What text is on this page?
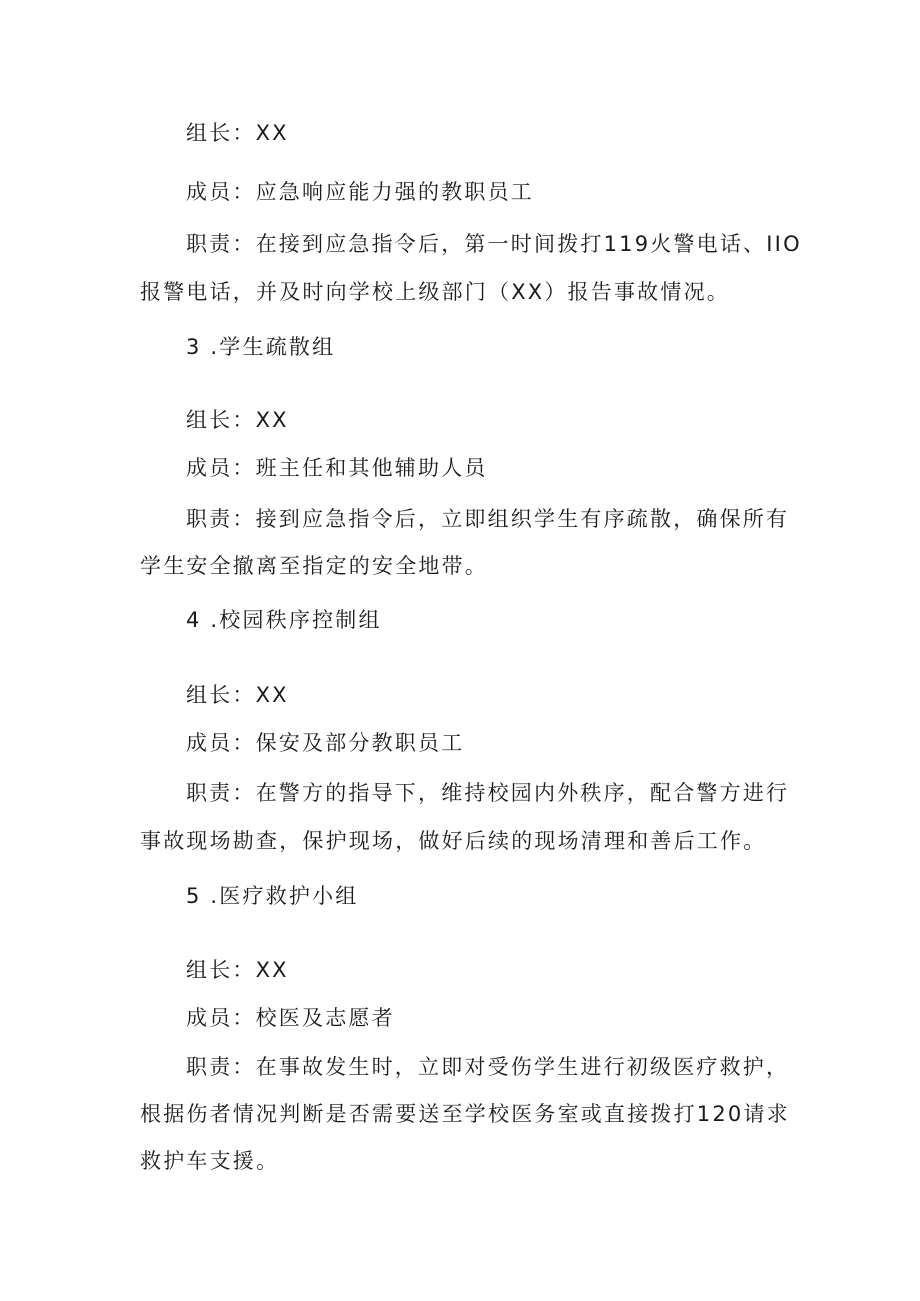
组长：XX
成员：应急响应能力强的教职员工
职责：在接到应急指令后，第一时间拨打119火警电话、IIO
报警电话，并及时向学校上级部门（XX）报告事故情况。
3 .学生疏散组
组长：XX
成员：班主任和其他辅助人员
职责：接到应急指令后，立即组织学生有序疏散，确保所有
学生安全撤离至指定的安全地带。
4 .校园秩序控制组
组长：XX
成员：保安及部分教职员工
职责：在警方的指导下，维持校园内外秩序，配合警方进行
事故现场勘查，保护现场，做好后续的现场清理和善后工作。
5 .医疗救护小组
组长：XX
成员：校医及志愿者
职责：在事故发生时，立即对受伤学生进行初级医疗救护，
根据伤者情况判断是否需要送至学校医务室或直接拨打120请求
救护车支援。
